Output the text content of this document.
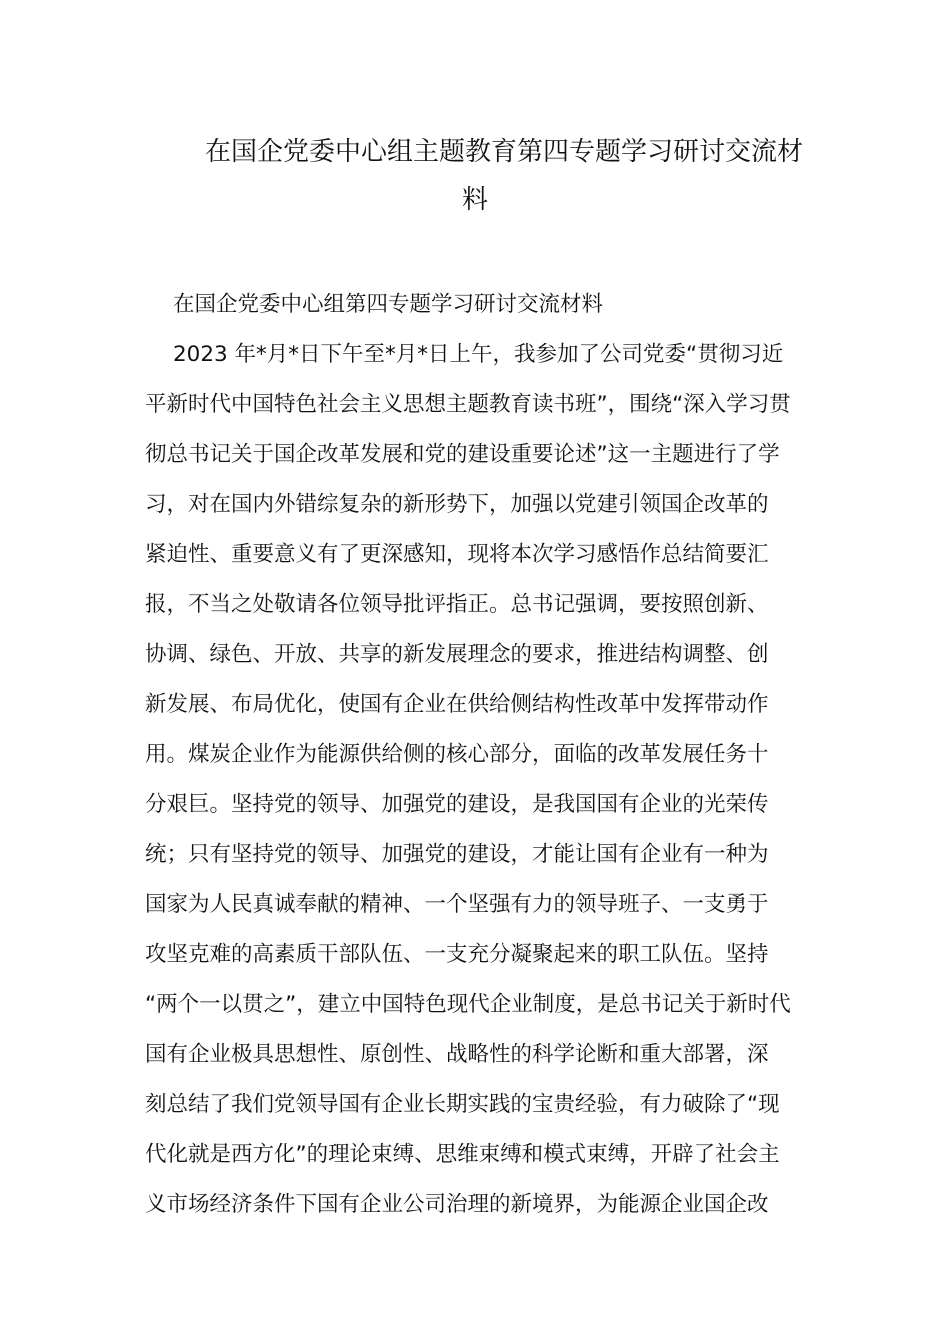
在国企党委中心组主题教育第四专题学习研讨交流材
料
在国企党委中心组第四专题学习研讨交流材料
2023 年*月*日下午至*月*日上午，我参加了公司党委“贯彻习近
平新时代中国特色社会主义思想主题教育读书班”，围绕“深入学习贯
彻总书记关于国企改革发展和党的建设重要论述”这一主题进行了学
习，对在国内外错综复杂的新形势下，加强以党建引领国企改革的
紧迫性、重要意义有了更深感知，现将本次学习感悟作总结简要汇
报，不当之处敬请各位领导批评指正。总书记强调，要按照创新、
协调、绿色、开放、共享的新发展理念的要求，推进结构调整、创
新发展、布局优化，使国有企业在供给侧结构性改革中发挥带动作
用。煤炭企业作为能源供给侧的核心部分，面临的改革发展任务十
分艰巨。坚持党的领导、加强党的建设，是我国国有企业的光荣传
统；只有坚持党的领导、加强党的建设，才能让国有企业有一种为
国家为人民真诚奉献的精神、一个坚强有力的领导班子、一支勇于
攻坚克难的高素质干部队伍、一支充分凝聚起来的职工队伍。坚持
“两个一以贯之”，建立中国特色现代企业制度，是总书记关于新时代
国有企业极具思想性、原创性、战略性的科学论断和重大部署，深
刻总结了我们党领导国有企业长期实践的宝贵经验，有力破除了“现
代化就是西方化”的理论束缚、思维束缚和模式束缚，开辟了社会主
义市场经济条件下国有企业公司治理的新境界，为能源企业国企改
